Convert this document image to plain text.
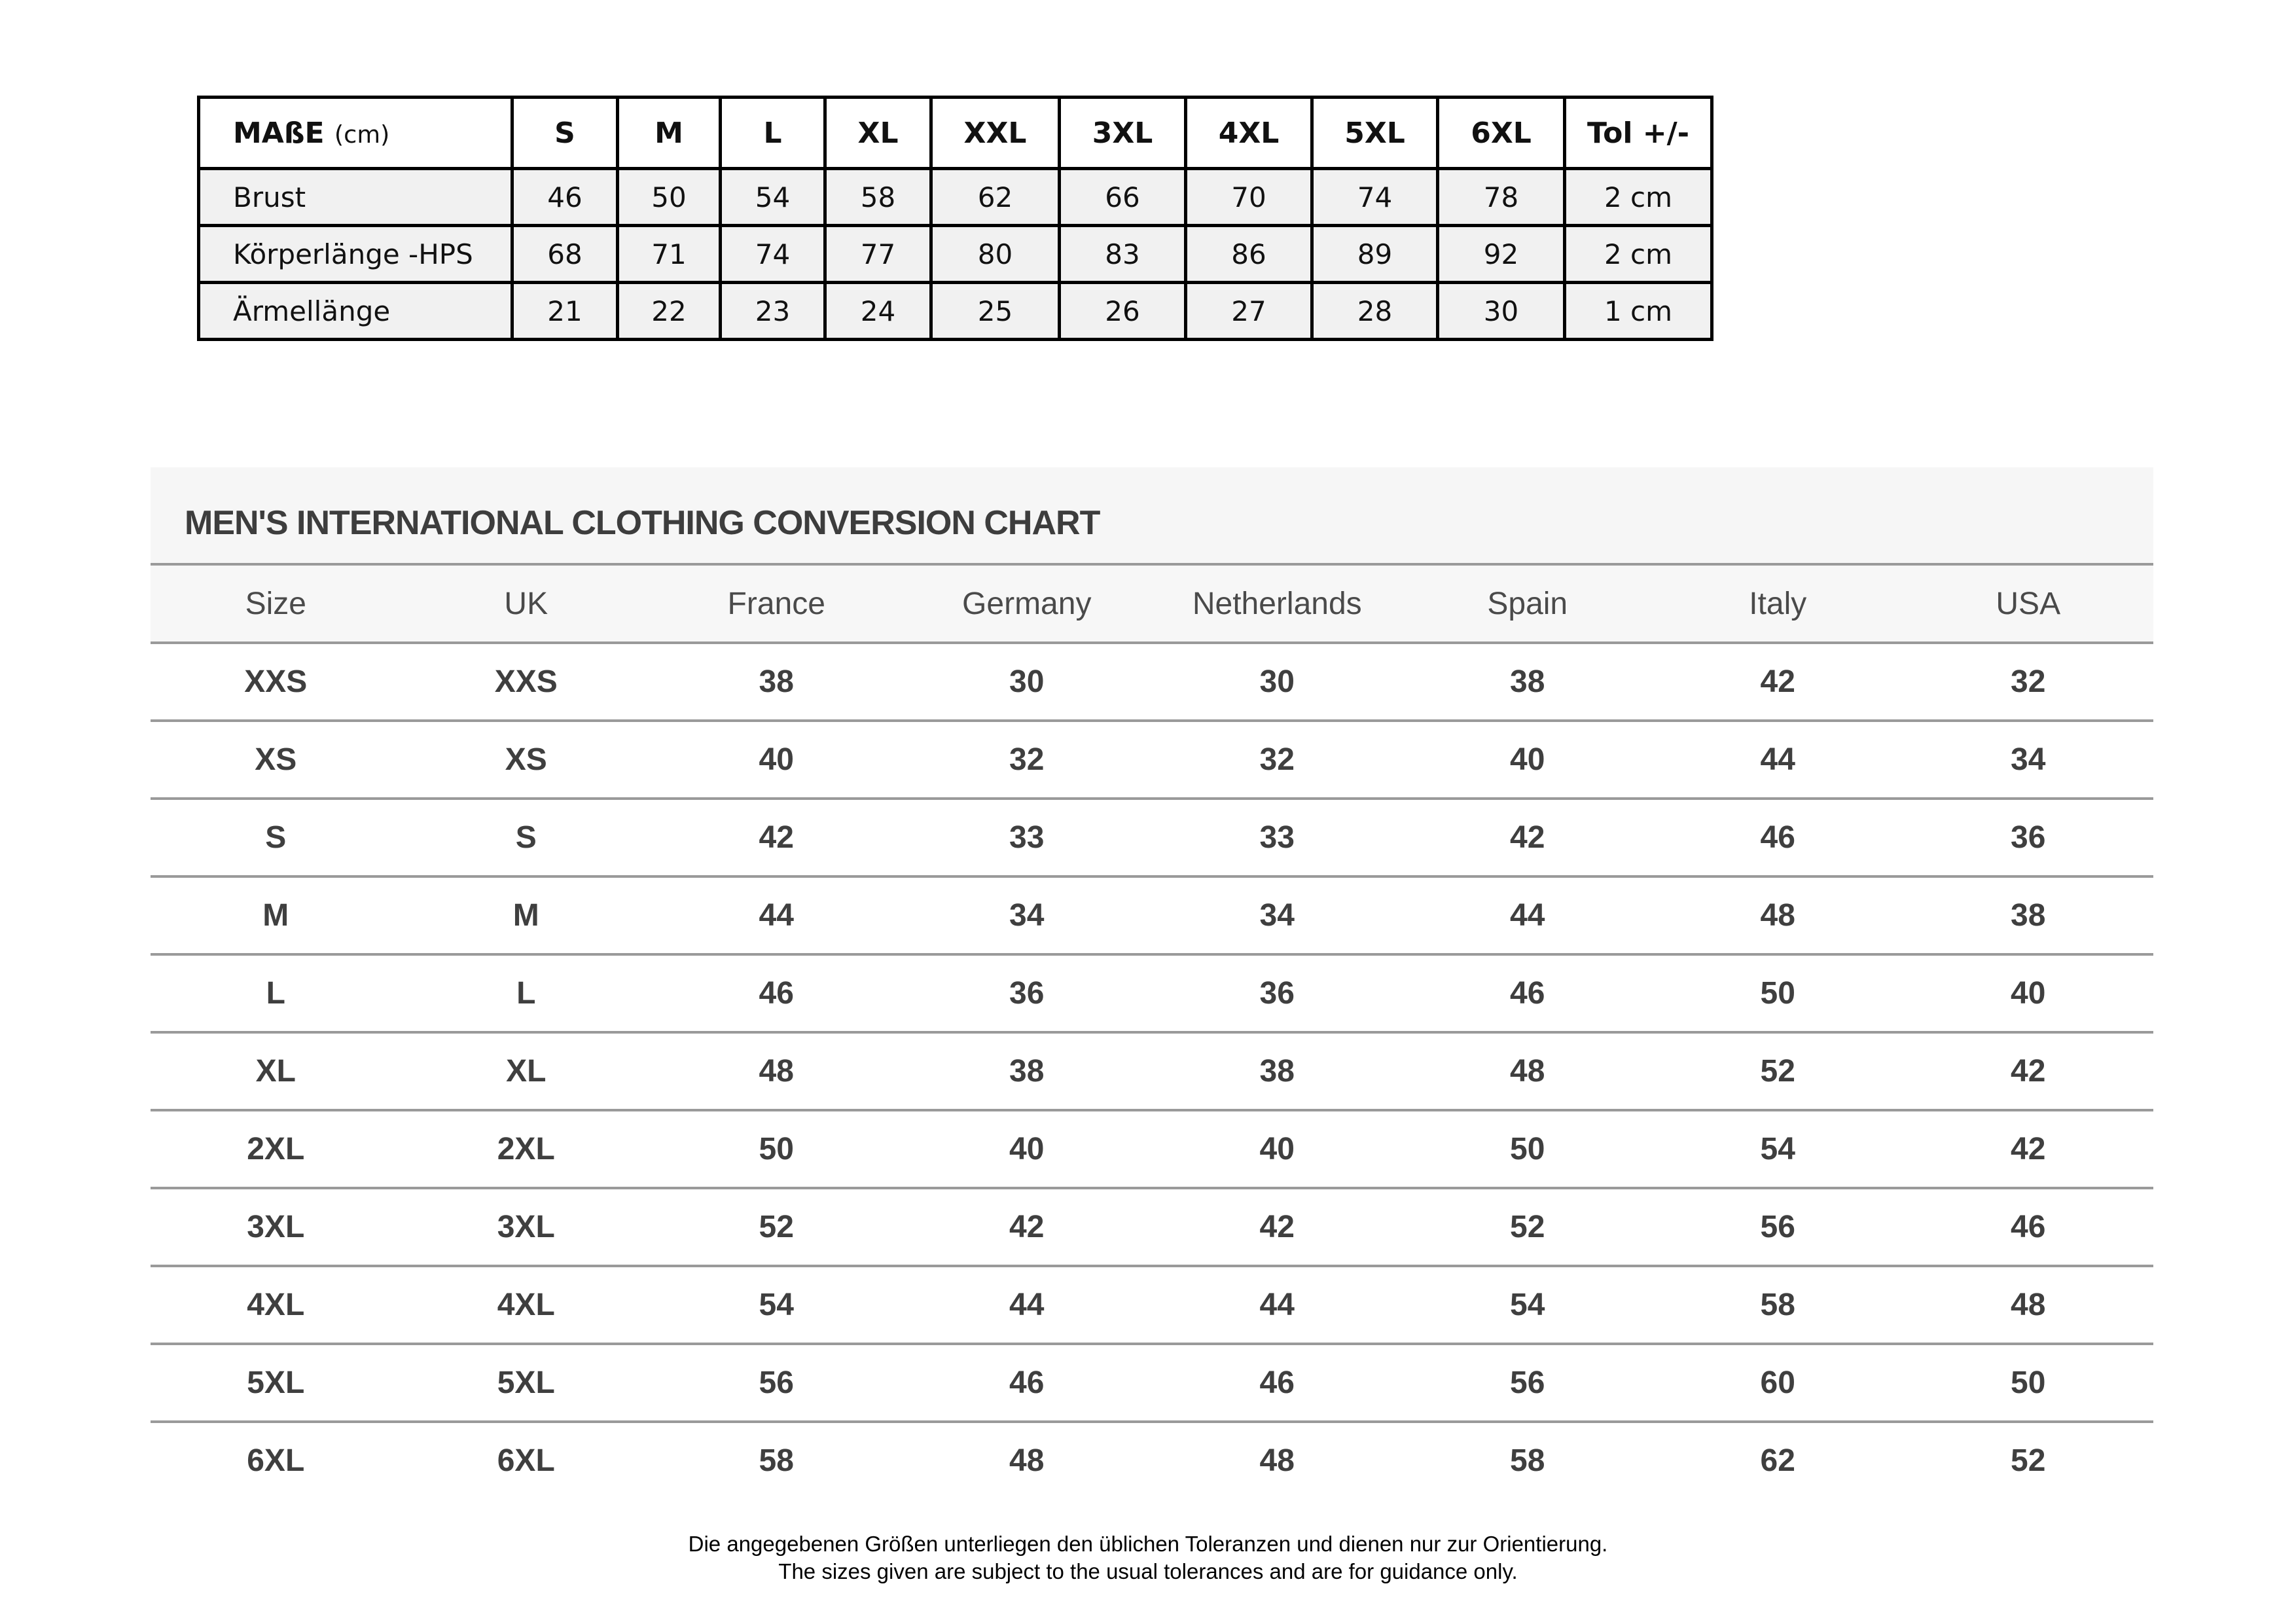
MAßE (cm)	S	M	L	XL	XXL	3XL	4XL	5XL	6XL	Tol +/-
Brust	46	50	54	58	62	66	70	74	78	2 cm
Körperlänge -HPS	68	71	74	77	80	83	86	89	92	2 cm
Ärmellänge	21	22	23	24	25	26	27	28	30	1 cm
MEN'S INTERNATIONAL CLOTHING CONVERSION CHART
Size	UK	France	Germany	Netherlands	Spain	Italy	USA
XXS	XXS	38	30	30	38	42	32
XS	XS	40	32	32	40	44	34
S	S	42	33	33	42	46	36
M	M	44	34	34	44	48	38
L	L	46	36	36	46	50	40
XL	XL	48	38	38	48	52	42
2XL	2XL	50	40	40	50	54	42
3XL	3XL	52	42	42	52	56	46
4XL	4XL	54	44	44	54	58	48
5XL	5XL	56	46	46	56	60	50
6XL	6XL	58	48	48	58	62	52
Die angegebenen Größen unterliegen den üblichen Toleranzen und dienen nur zur Orientierung.
The sizes given are subject to the usual tolerances and are for guidance only.
